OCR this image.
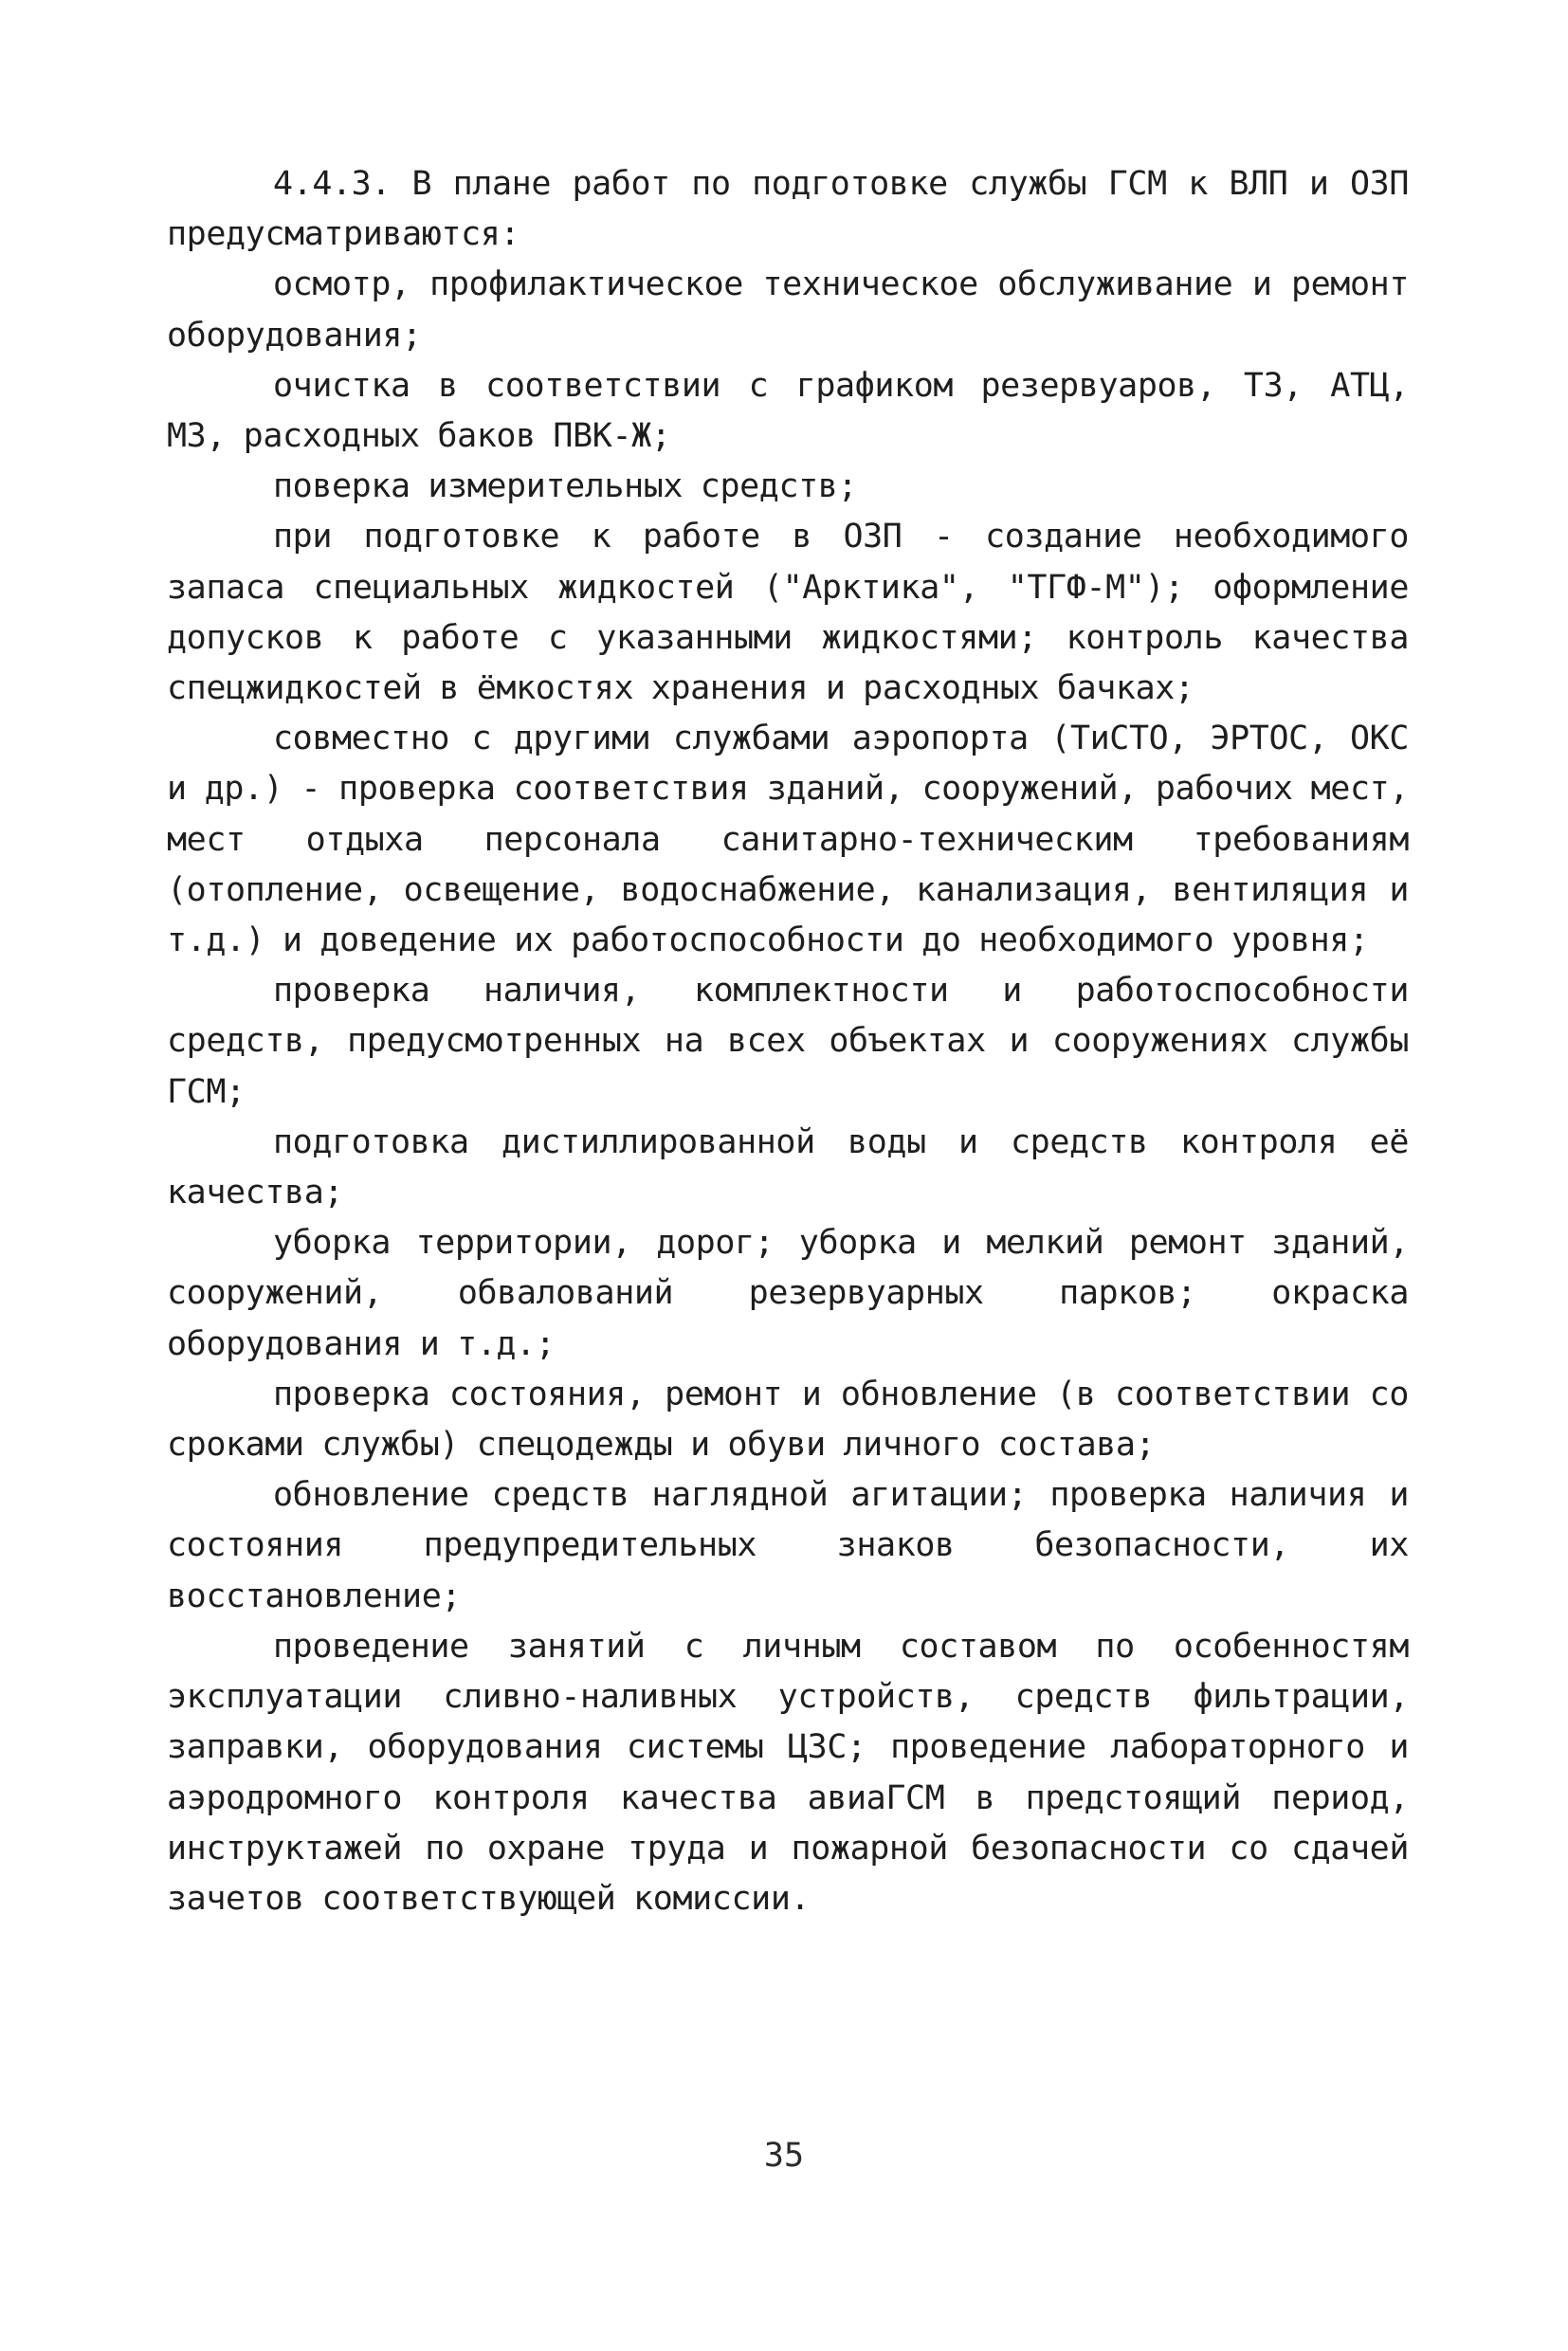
4.4.3. В плане работ по подготовке службы ГСМ к ВЛП и ОЗП предусматриваются:

осмотр, профилактическое техническое обслуживание и ремонт оборудования;

очистка в соответствии с графиком резервуаров, ТЗ, АТЦ, МЗ, расходных баков ПВК-Ж;

поверка измерительных средств;

при подготовке к работе в ОЗП - создание необходимого запаса специальных жидкостей ("Арктика", "ТГФ-М"); оформление допусков к работе с указанными жидкостями; контроль качества спецжидкостей в ёмкостях хранения и расходных бачках;

совместно с другими службами аэропорта (ТиСТО, ЭРТОС, ОКС и др.) - проверка соответствия зданий, сооружений, рабочих мест, мест отдыха персонала санитарно-техническим требованиям (отопление, освещение, водоснабжение, канализация, вентиляция и т.д.) и доведение их работоспособности до необходимого уровня;

проверка наличия, комплектности и работоспособности средств, предусмотренных на всех объектах и сооружениях службы ГСМ;

подготовка дистиллированной воды и средств контроля её качества;

уборка территории, дорог; уборка и мелкий ремонт зданий, сооружений, обвалований резервуарных парков; окраска оборудования и т.д.;

проверка состояния, ремонт и обновление (в соответствии со сроками службы) спецодежды и обуви личного состава;

обновление средств наглядной агитации; проверка наличия и состояния предупредительных знаков безопасности, их восстановление;

проведение занятий с личным составом по особенностям эксплуатации сливно-наливных устройств, средств фильтрации, заправки, оборудования системы ЦЗС; проведение лабораторного и аэродромного контроля качества авиаГСМ в предстоящий период, инструктажей по охране труда и пожарной безопасности со сдачей зачетов соответствующей комиссии.

35
